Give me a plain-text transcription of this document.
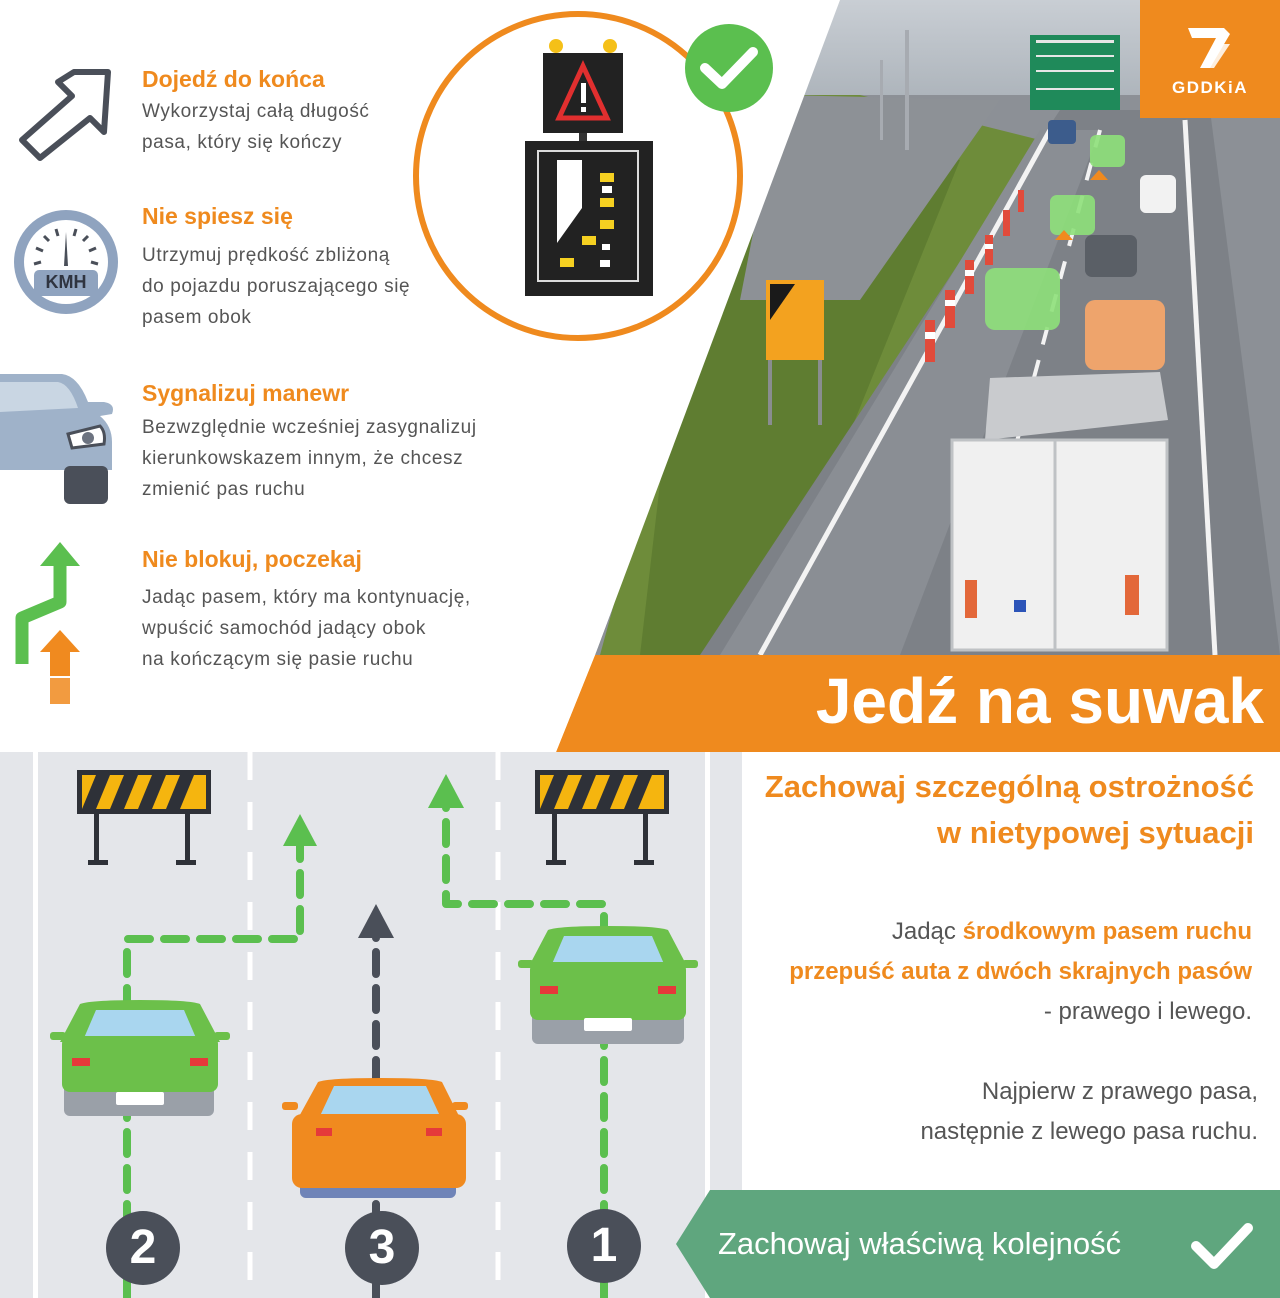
GDDKiA
Dojedź do końca
Wykorzystaj całą długość
pasa, który się kończy
KMH
Nie spiesz się
Utrzymuj prędkość zbliżoną
do pojazdu poruszającego się
pasem obok
Sygnalizuj manewr
Bezwzględnie wcześniej zasygnalizuj
kierunkowskazem innym, że chcesz
zmienić pas ruchu
Nie blokuj, poczekaj
Jadąc pasem, który ma kontynuację,
wpuścić samochód jadący obok
na kończącym się pasie ruchu
Jedź na suwak
2	3	1
Zachowaj szczególną ostrożność
w nietypowej sytuacji
Jadąc środkowym pasem ruchu
przepuść auta z dwóch skrajnych pasów
- prawego i lewego.
Najpierw z prawego pasa,
następnie z lewego pasa ruchu.
Zachowaj właściwą kolejność
